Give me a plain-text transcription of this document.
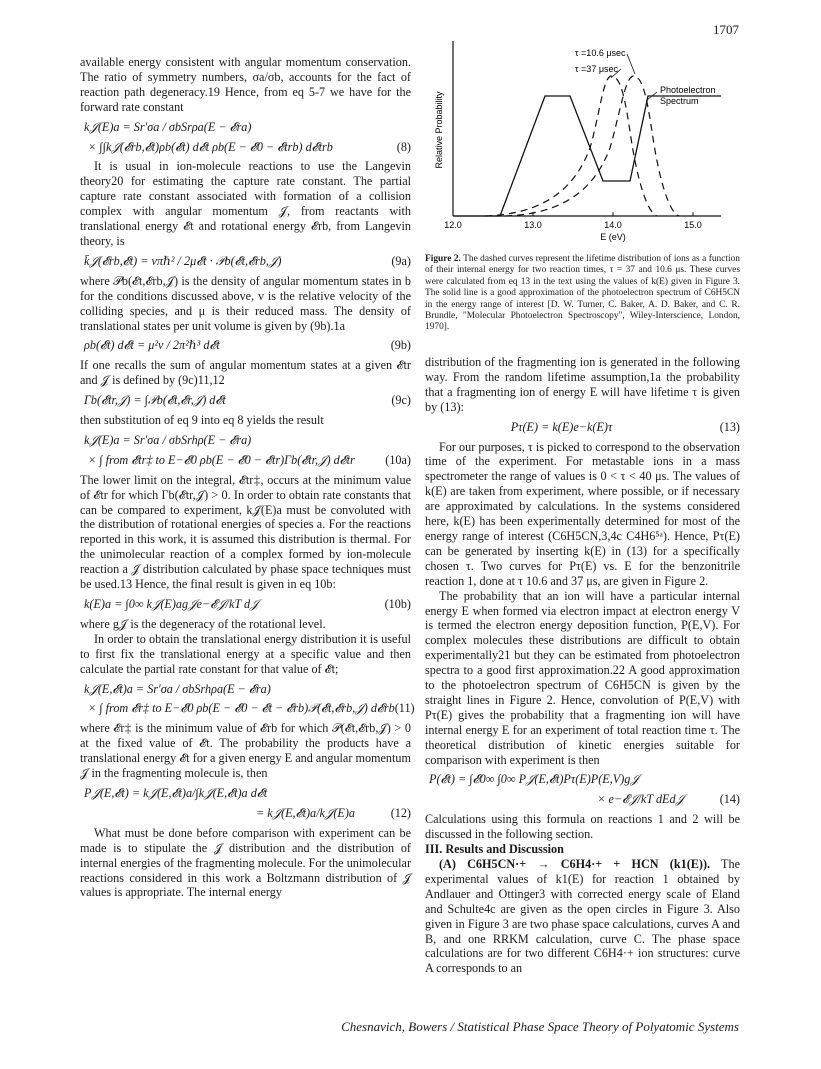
1707

available energy consistent with angular momentum conservation. The ratio of symmetry numbers, σa/σb, accounts for the fact of reaction path degeneracy.19 Hence, from eq 5-7 we have for the forward rate constant

k𝒥(E)a = Sr′σa / σbSrρa(E − 𝓔ra)
× ∫∫k𝒥(𝓔rb,𝓔t)ρb(𝓔t) d𝓔t ρb(E − 𝓔0 − 𝓔trb) d𝓔trb	(8)

It is usual in ion-molecule reactions to use the Langevin theory20 for estimating the capture rate constant. The partial capture rate constant associated with formation of a collision complex with angular momentum 𝒥, from reactants with translational energy 𝓔t and rotational energy 𝓔rb, from Langevin theory, is

k̄𝒥(𝓔rb,𝓔t) = vπℏ² / 2μ𝓔t · 𝒫b(𝓔t,𝓔rb,𝒥)	(9a)

where 𝒫b(𝓔t,𝓔rb,𝒥) is the density of angular momentum states in b for the conditions discussed above, v is the relative velocity of the colliding species, and μ is their reduced mass. The density of translational states per unit volume is given by (9b).1a

ρb(𝓔t) d𝓔t = μ²v / 2π²ℏ³ d𝓔t	(9b)

If one recalls the sum of angular momentum states at a given 𝓔tr and 𝒥 is defined by (9c)11,12

Γb(𝓔tr,𝒥) = ∫𝒫b(𝓔t,𝓔r,𝒥) d𝓔t	(9c)

then substitution of eq 9 into eq 8 yields the result

k𝒥(E)a = Sr′σa / σbSrhρ(E − 𝓔ra)
× ∫ from 𝓔tr‡ to E−𝓔0 ρb(E − 𝓔0 − 𝓔tr)Γb(𝓔tr,𝒥) d𝓔tr	(10a)

The lower limit on the integral, 𝓔tr‡, occurs at the minimum value of 𝓔tr for which Γb(𝓔tr,𝒥) > 0. In order to obtain rate constants that can be compared to experiment, k𝒥(E)a must be convoluted with the distribution of rotational energies of species a. For the reactions reported in this work, it is assumed this distribution is thermal. For the unimolecular reaction of a complex formed by ion-molecule reaction a 𝒥 distribution calculated by phase space techniques must be used.13 Hence, the final result is given in eq 10b:

k(E)a = ∫0∞ k𝒥(E)ag𝒥e−𝓔𝒥/kT d𝒥	(10b)

where g𝒥 is the degeneracy of the rotational level.

In order to obtain the translational energy distribution it is useful to first fix the translational energy at a specific value and then calculate the partial rate constant for that value of 𝓔t;

k𝒥(E,𝓔t)a = Sr′σa / σbSrhρa(E − 𝓔ra)
× ∫ from 𝓔r‡ to E−𝓔0 ρb(E − 𝓔0 − 𝓔t − 𝓔rb)𝒫(𝓔t,𝓔rb,𝒥) d𝓔rb (11)

where 𝓔r‡ is the minimum value of 𝓔rb for which 𝒫(𝓔t,𝓔rb,𝒥) > 0 at the fixed value of 𝓔t. The probability the products have a translational energy 𝓔t for a given energy E and angular momentum 𝒥 in the fragmenting molecule is, then

P𝒥(E,𝓔t) = k𝒥(E,𝓔t)a/∫k𝒥(E,𝓔t)a d𝓔t
= k𝒥(E,𝓔t)a/k𝒥(E)a	(12)

What must be done before comparison with experiment can be made is to stipulate the 𝒥 distribution and the distribution of internal energies of the fragmenting molecule. For the unimolecular reactions considered in this work a Boltzmann distribution of 𝒥 values is appropriate. The internal energy

12.0	13.0	14.0	15.0
E (eV)
Relative Probability
τ =10.6 μsec
τ =37 μsec
Photoelectron
Spectrum
Figure 2. The dashed curves represent the lifetime distribution of ions as a function of their internal energy for two reaction times, τ = 37 and 10.6 μs. These curves were calculated from eq 13 in the text using the values of k(E) given in Figure 3. The solid line is a good approximation of the photoelectron spectrum of C6H5CN in the energy range of interest [D. W. Turner, C. Baker, A. D. Baker, and C. R. Brundle, "Molecular Photoelectron Spectroscopy", Wiley-Interscience, London, 1970].

distribution of the fragmenting ion is generated in the following way. From the random lifetime assumption,1a the probability that a fragmenting ion of energy E will have lifetime τ is given by (13):

Pτ(E) = k(E)e−k(E)τ	(13)

For our purposes, τ is picked to correspond to the observation time of the experiment. For metastable ions in a mass spectrometer the range of values is 0 < τ < 40 μs. The values of k(E) are taken from experiment, where possible, or if necessary are approximated by calculations. In the systems considered here, k(E) has been experimentally determined for most of the energy range of interest (C6H5CN,3,4c C4H6⁵ᵃ). Hence, Pτ(E) can be generated by inserting k(E) in (13) for a specifically chosen τ. Two curves for Pτ(E) vs. E for the benzonitrile reaction 1, done at τ 10.6 and 37 μs, are given in Figure 2.

The probability that an ion will have a particular internal energy E when formed via electron impact at electron energy V is termed the electron energy deposition function, P(E,V). For complex molecules these distributions are difficult to obtain experimentally21 but they can be estimated from photoelectron spectra to a good first approximation.22 A good approximation to the photoelectron spectrum of C6H5CN is given by the straight lines in Figure 2. Hence, convolution of P(E,V) with Pτ(E) gives the probability that a fragmenting ion will have internal energy E for an experiment of total reaction time τ. The theoretical distribution of kinetic energies suitable for comparison with experiment is then

P(𝓔t) = ∫𝓔0∞ ∫0∞ P𝒥(E,𝓔t)Pτ(E)P(E,V)g𝒥
× e−𝓔𝒥/kT dEd𝒥	(14)

Calculations using this formula on reactions 1 and 2 will be discussed in the following section.

III. Results and Discussion

(A) C6H5CN·+ → C6H4·+ + HCN (k1(E)). The experimental values of k1(E) for reaction 1 obtained by Andlauer and Ottinger3 with corrected energy scale of Eland and Schulte4c are given as the open circles in Figure 3. Also given in Figure 3 are two phase space calculations, curves A and B, and one RRKM calculation, curve C. The phase space calculations are for two different C6H4·+ ion structures: curve A corresponds to an

Chesnavich, Bowers / Statistical Phase Space Theory of Polyatomic Systems
